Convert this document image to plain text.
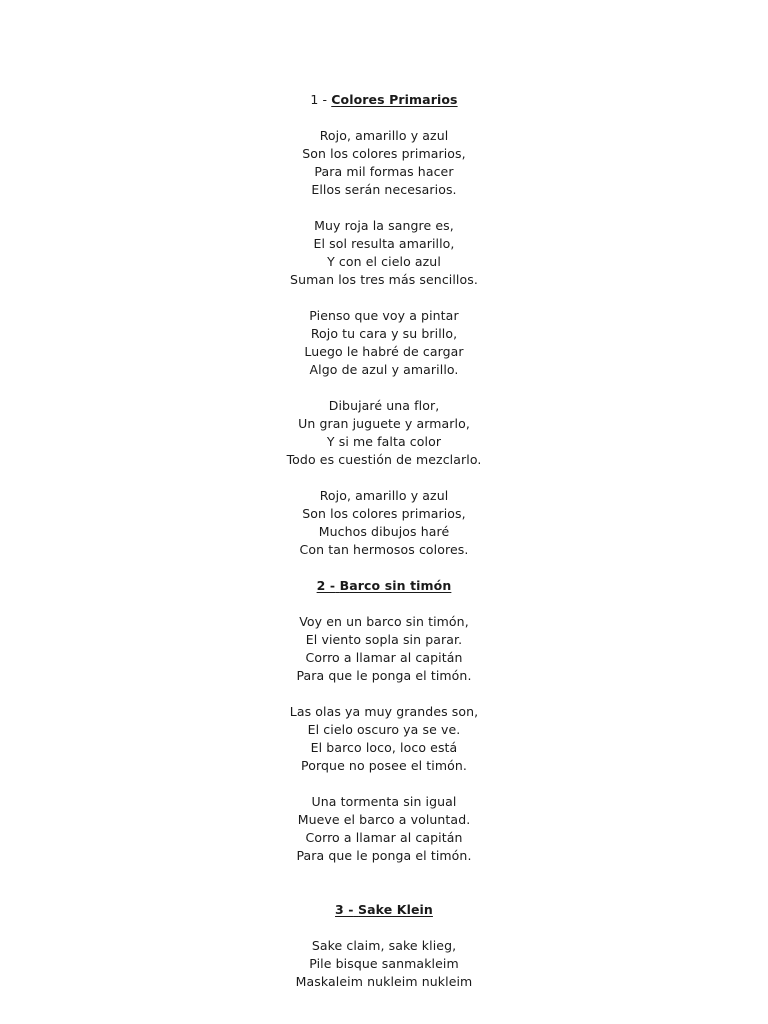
1 - Colores Primarios

Rojo, amarillo y azul
Son los colores primarios,
Para mil formas hacer
Ellos serán necesarios.
Muy roja la sangre es,
El sol resulta amarillo,
Y con el cielo azul
Suman los tres más sencillos.
Pienso que voy a pintar
Rojo tu cara y su brillo,
Luego le habré de cargar
Algo de azul y amarillo.
Dibujaré una flor,
Un gran juguete y armarlo,
Y si me falta color
Todo es cuestión de mezclarlo.
Rojo, amarillo y azul
Son los colores primarios,
Muchos dibujos haré
Con tan hermosos colores.

2 - Barco sin timón

Voy en un barco sin timón,
El viento sopla sin parar.
Corro a llamar al capitán
Para que le ponga el timón.
Las olas ya muy grandes son,
El cielo oscuro ya se ve.
El barco loco, loco está
Porque no posee el timón.
Una tormenta sin igual
Mueve el barco a voluntad.
Corro a llamar al capitán
Para que le ponga el timón.

3 - Sake Klein

Sake claim, sake klieg,
Pile bisque sanmakleim
Maskaleim nukleim nukleim
